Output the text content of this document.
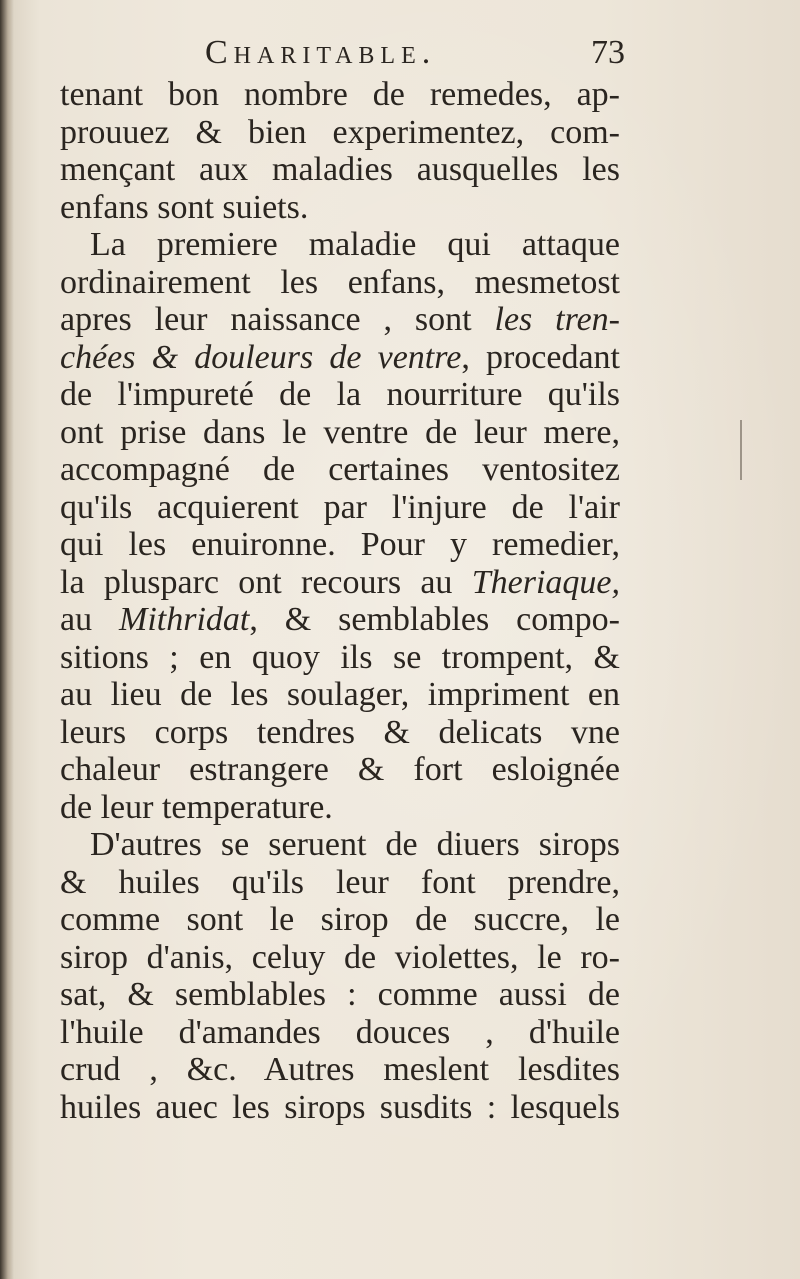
Charitable.	73
tenant bon nombre de remedes, ap-
prouuez & bien experimentez, com-
mençant aux maladies ausquelles les
enfans sont suiets.
La premiere maladie qui attaque
ordinairement les enfans, mesmetost
apres leur naissance , sont les tren-
chées & douleurs de ventre, procedant
de l'impureté de la nourriture qu'ils
ont prise dans le ventre de leur mere,
accompagné de certaines ventositez
qu'ils acquierent par l'injure de l'air
qui les enuironne. Pour y remedier,
la plusparc ont recours au Theriaque,
au Mithridat, & semblables compo-
sitions ; en quoy ils se trompent, &
au lieu de les soulager, impriment en
leurs corps tendres & delicats vne
chaleur estrangere & fort esloignée
de leur temperature.
D'autres se seruent de diuers sirops
& huiles qu'ils leur font prendre,
comme sont le sirop de succre, le
sirop d'anis, celuy de violettes, le ro-
sat, & semblables : comme aussi de
l'huile d'amandes douces , d'huile
crud , &c. Autres meslent lesdites
huiles auec les sirops susdits : lesquels
